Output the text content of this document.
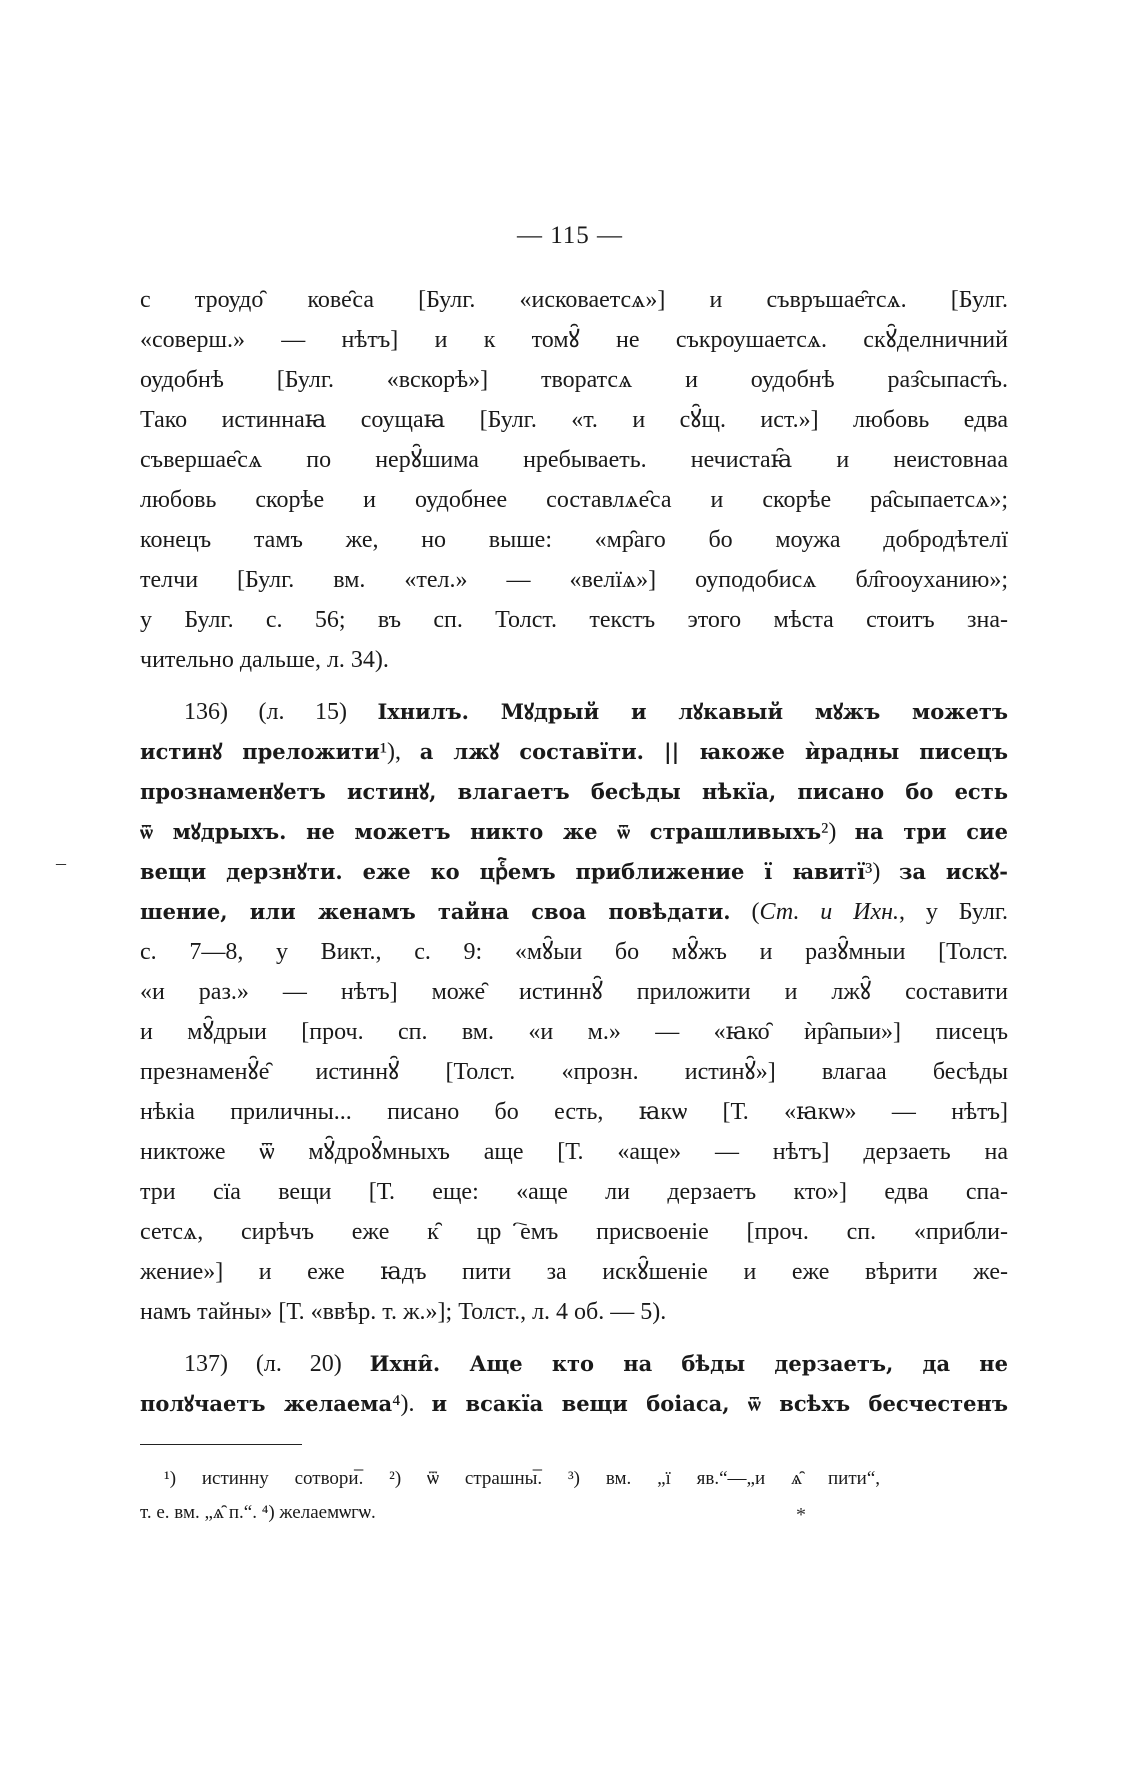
— 115 —
с троудо̑ кове̑са [Булг. «исковаетсѧ»] и съвръшае̑тсѧ. [Булг.
«соверш.» — нѣтъ] и к томꙋ̑ не съкроушаетсѧ. скꙋ̑делничний
оудобнѣ [Булг. «вскорѣ»] творатсѧ и оудобнѣ раз̑сыпаст̑ь.
Тако истиннаꙗ соущаꙗ [Булг. «т. и сꙋ̑щ. ист.»] любовь едва
съвершае̑сѧ по нерꙋ̑шима нребываеть. нечистаꙗ̑ и неистовнаа
любовь скорѣе и оудобнее составлѧе̑са и скорѣе ра̑сыпаетсѧ»;
конецъ тамъ же, но выше: «мр̑аго бо моужа добродѣтелї
телчи [Булг. вм. «тел.» — «велїѧ»] оуподобисѧ бл̑гооуханию»;
у Булг. с. 56; въ сп. Толст. текстъ этого мѣста стоитъ зна-
чительно дальше, л. 34).
136) (л. 15) Іхнилъ. Мꙋдрый и лꙋкавый мꙋжъ можетъ
истинꙋ преложити¹), а лжꙋ составїти. || ꙗкоже ѝрадны писецъ
прознаменꙋетъ истинꙋ, влагаетъ бесѣды нѣкїа, писано бо есть
ѿ мꙋдрыхъ. не можетъ никто же ѿ страшливыхъ²) на три сие
вещи дерзнꙋти. еже ко црⷭ҇емъ приближение ї ꙗвитї³) за искꙋ-
шение, или женамъ тайна своа повѣдати. (Ст. и Ихн., у Булг.
с. 7—8, у Викт., с. 9: «мꙋ̑ыи бо мꙋ̑жъ и разꙋ̑мныи [Толст.
«и раз.» — нѣтъ] може̑ истиннꙋ̑ приложити и лжꙋ̑ составити
и мꙋ̑дрыи [проч. сп. вм. «и м.» — «ꙗко̑ ѝр̑апыи»] писецъ
презнаменꙋ̑е̑ истиннꙋ̑ [Толст. «прозн. истинꙋ̑»] влагаа бесѣды
нѣкіа приличны... писано бо есть, ꙗкѡ [Т. «ꙗкѡ» — нѣтъ]
никтоже ѿ мꙋ̑дроꙋ̑мныхъ аще [Т. «аще» — нѣтъ] дерзаеть на
три сїа вещи [Т. еще: «аще ли дерзаетъ кто»] едва спа-
сетсѧ, сирѣчъ еже к̑ црⷭ҇емъ присвоеніе [проч. сп. «прибли-
жение»] и еже ꙗдъ пити за искꙋ̑шеніе и еже вѣрити же-
намъ тайны» [Т. «ввѣр. т. ж.»]; Толст., л. 4 об. — 5).
137) (л. 20) Ихни̑. Аще кто на бѣды дерзаетъ, да не
полꙋчаетъ желаема⁴). и всакїа вещи боіаса, ѿ всѣхъ бесчестенъ
¹) истинну сотвори̅. ²) ѿ страшны̅. ³) вм. „ї яв.“—„и ѧ̑ пити“,
т. е. вм. „ѧ̑ п.“. ⁴) желаемѡгѡ.
–
*
